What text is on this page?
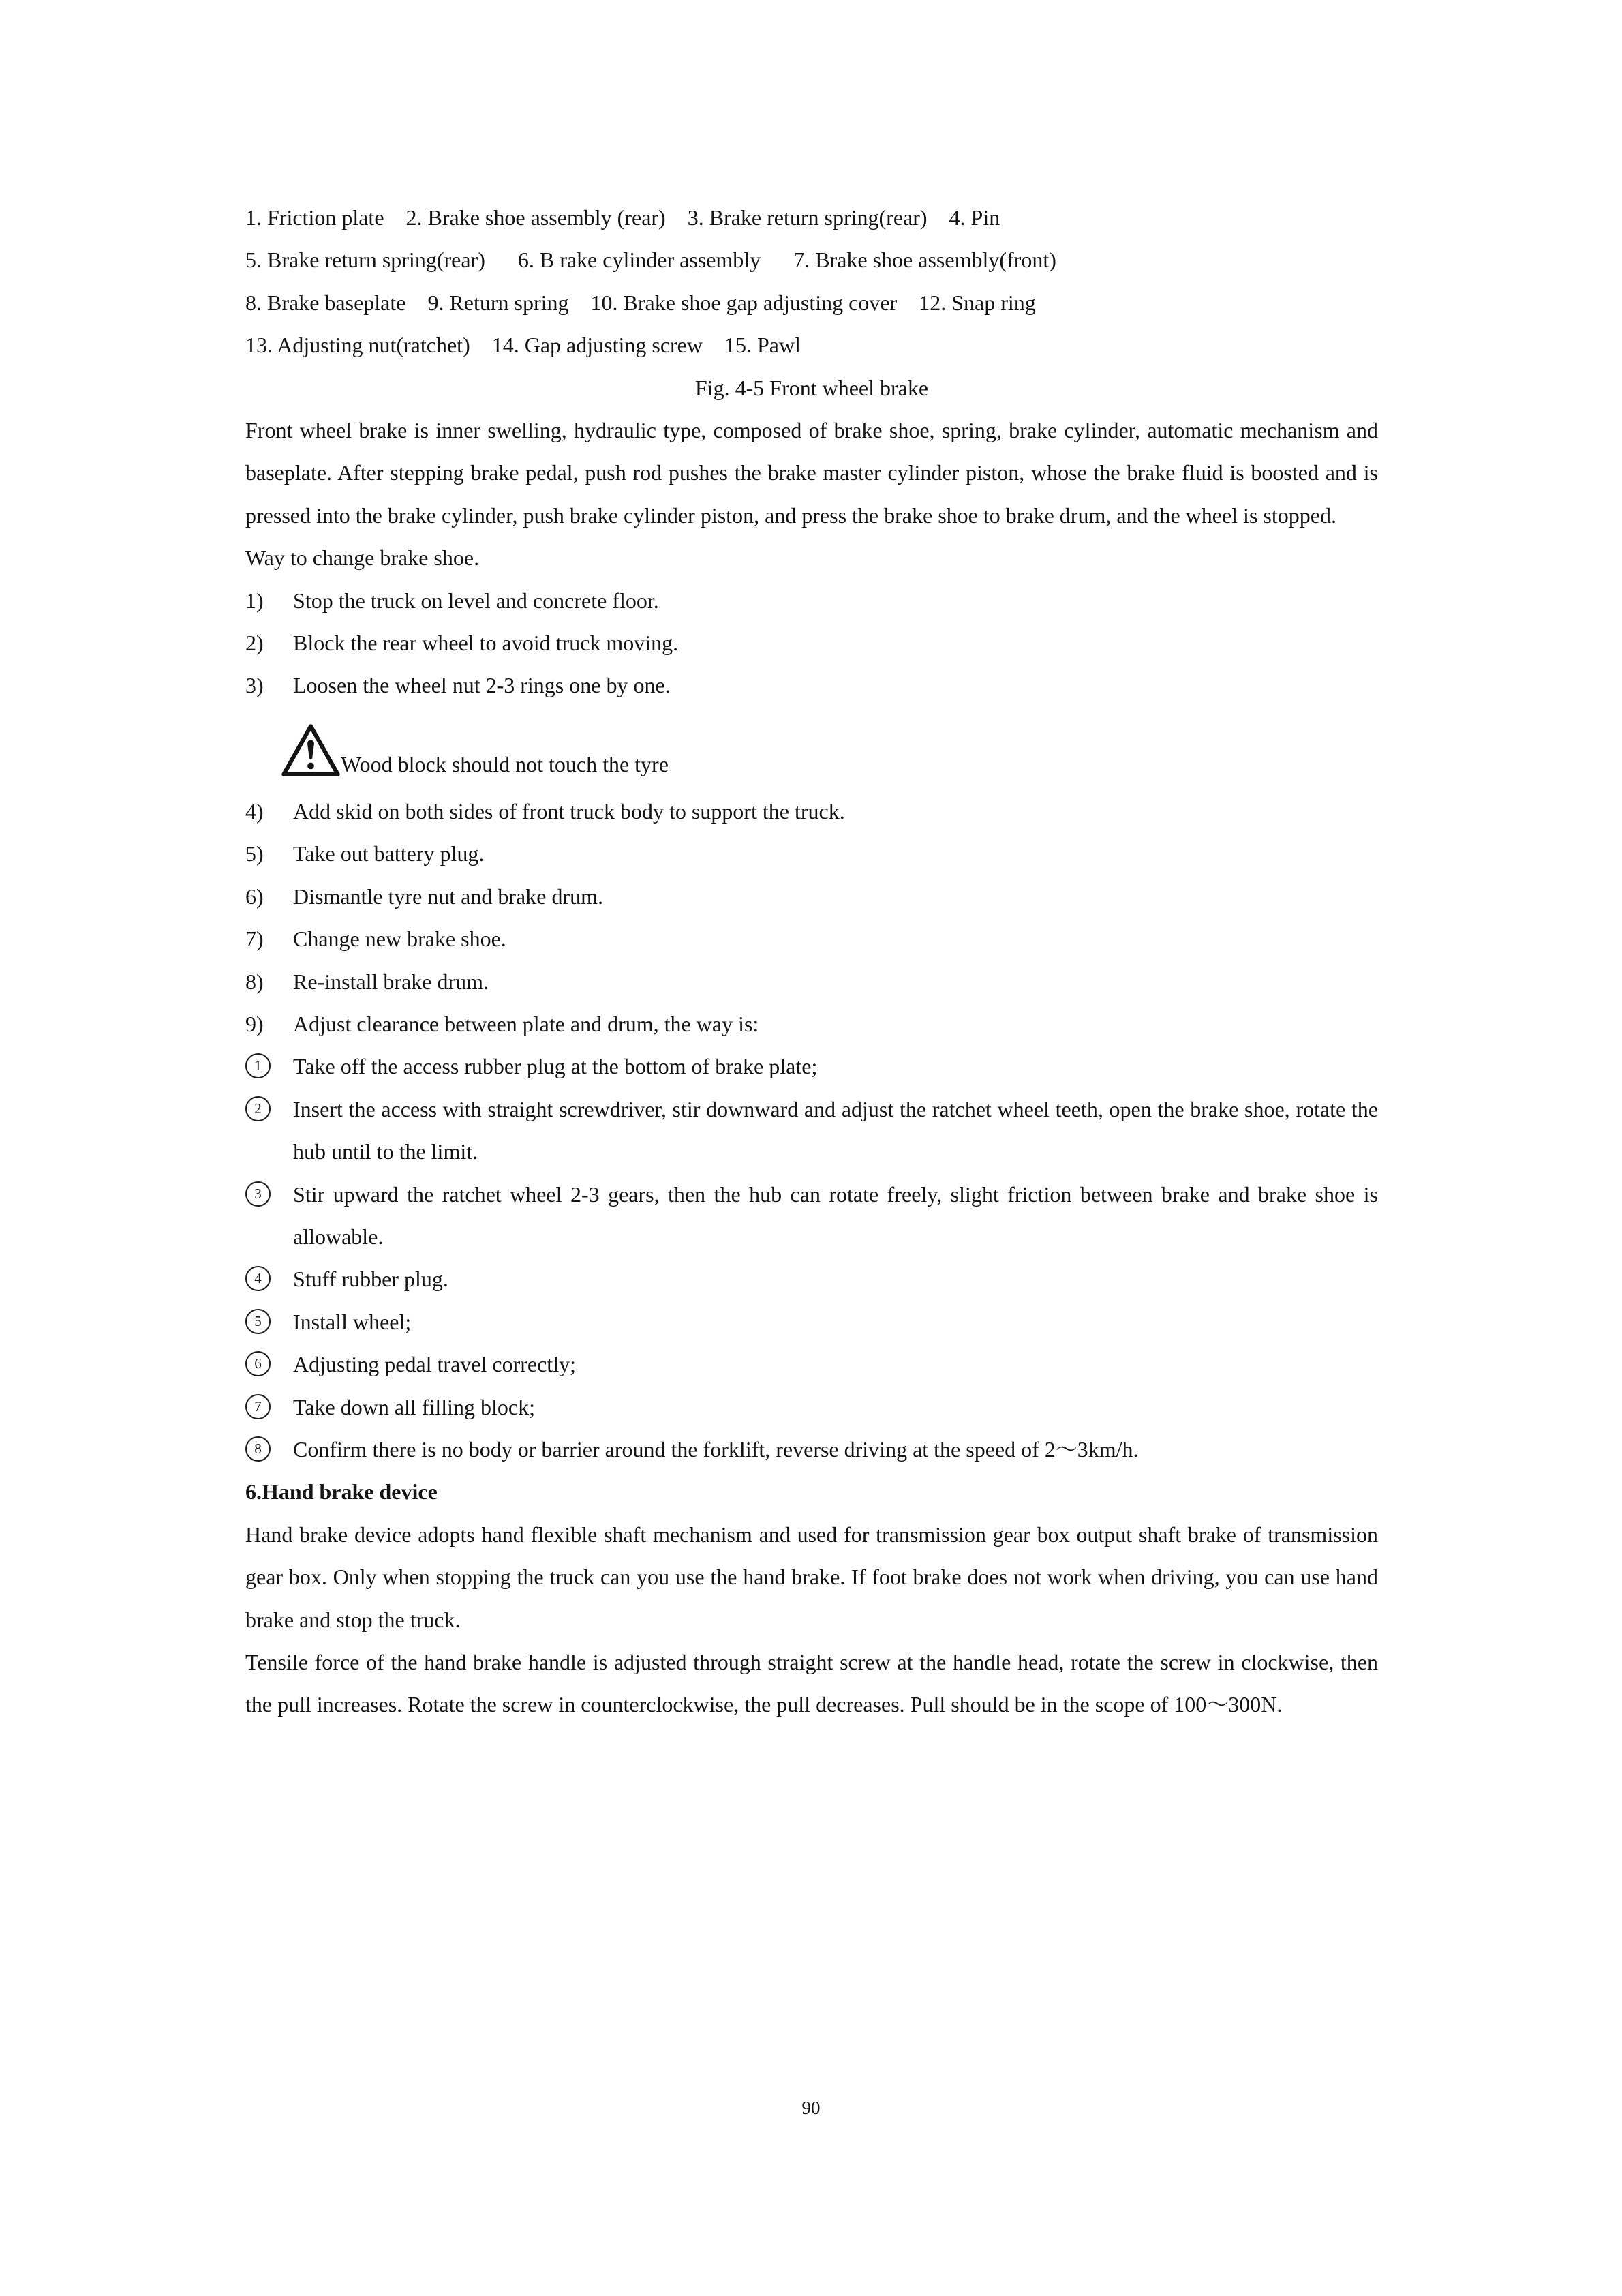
1. Friction plate    2. Brake shoe assembly (rear)    3. Brake return spring(rear)    4. Pin
5. Brake return spring(rear)      6. B rake cylinder assembly      7. Brake shoe assembly(front)
8. Brake baseplate    9. Return spring    10. Brake shoe gap adjusting cover    12. Snap ring
13. Adjusting nut(ratchet)    14. Gap adjusting screw    15. Pawl
Fig. 4-5 Front wheel brake
Front wheel brake is inner swelling, hydraulic type, composed of brake shoe, spring, brake cylinder, automatic mechanism and baseplate. After stepping brake pedal, push rod pushes the brake master cylinder piston, whose the brake fluid is boosted and is pressed into the brake cylinder, push brake cylinder piston, and press the brake shoe to brake drum, and the wheel is stopped.
Way to change brake shoe.
1)	Stop the truck on level and concrete floor.
2)	Block the rear wheel to avoid truck moving.
3)	Loosen the wheel nut 2-3 rings one by one.
Wood block should not touch the tyre
4)	Add skid on both sides of front truck body to support the truck.
5)	Take out battery plug.
6)	Dismantle tyre nut and brake drum.
7)	Change new brake shoe.
8)	Re-install brake drum.
9)	Adjust clearance between plate and drum, the way is:
1	Take off the access rubber plug at the bottom of brake plate;
2	Insert the access with straight screwdriver, stir downward and adjust the ratchet wheel teeth, open the brake shoe, rotate the hub until to the limit.
3	Stir upward the ratchet wheel 2-3 gears, then the hub can rotate freely, slight friction between brake and brake shoe is allowable.
4	Stuff rubber plug.
5	Install wheel;
6	Adjusting pedal travel correctly;
7	Take down all filling block;
8	Confirm there is no body or barrier around the forklift, reverse driving at the speed of 2～3km/h.
6.Hand brake device
Hand brake device adopts hand flexible shaft mechanism and used for transmission gear box output shaft brake of transmission gear box. Only when stopping the truck can you use the hand brake. If foot brake does not work when driving, you can use hand brake and stop the truck.
Tensile force of the hand brake handle is adjusted through straight screw at the handle head, rotate the screw in clockwise, then the pull increases. Rotate the screw in counterclockwise, the pull decreases. Pull should be in the scope of 100～300N.
90
